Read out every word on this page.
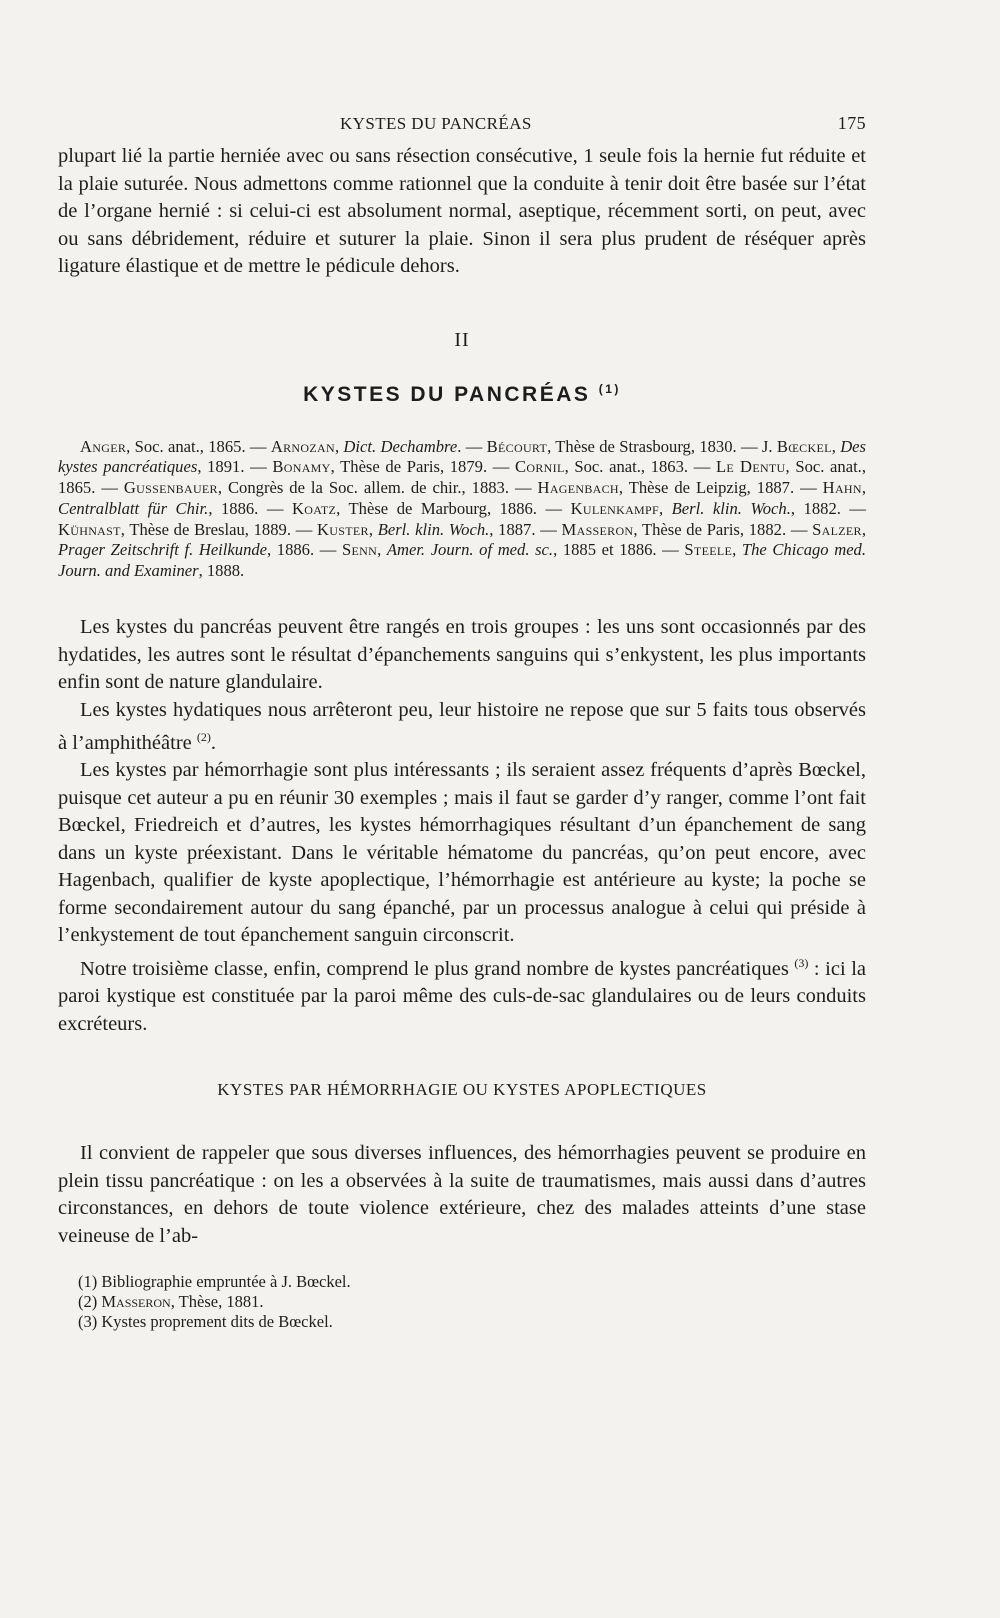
KYSTES DU PANCRÉAS	175

plupart lié la partie herniée avec ou sans résection consécutive, 1 seule fois la hernie fut réduite et la plaie suturée. Nous admettons comme rationnel que la conduite à tenir doit être basée sur l’état de l’organe hernié : si celui-ci est absolument normal, aseptique, récemment sorti, on peut, avec ou sans débridement, réduire et suturer la plaie. Sinon il sera plus prudent de réséquer après ligature élastique et de mettre le pédicule dehors.

II
KYSTES DU PANCRÉAS $^{(1)}$

Anger, Soc. anat., 1865. — Arnozan, Dict. Dechambre. — Bécourt, Thèse de Strasbourg, 1830. — J. Bœckel, Des kystes pancréatiques, 1891. — Bonamy, Thèse de Paris, 1879. — Cornil, Soc. anat., 1863. — Le Dentu, Soc. anat., 1865. — Gussenbauer, Congrès de la Soc. allem. de chir., 1883. — Hagenbach, Thèse de Leipzig, 1887. — Hahn, Centralblatt für Chir., 1886. — Koatz, Thèse de Marbourg, 1886. — Kulenkampf, Berl. klin. Woch., 1882. — Kühnast, Thèse de Breslau, 1889. — Kuster, Berl. klin. Woch., 1887. — Masseron, Thèse de Paris, 1882. — Salzer, Prager Zeitschrift f. Heilkunde, 1886. — Senn, Amer. Journ. of med. sc., 1885 et 1886. — Steele, The Chicago med. Journ. and Examiner, 1888.

Les kystes du pancréas peuvent être rangés en trois groupes : les uns sont occasionnés par des hydatides, les autres sont le résultat d’épanchements sanguins qui s’enkystent, les plus importants enfin sont de nature glandulaire.

Les kystes hydatiques nous arrêteront peu, leur histoire ne repose que sur 5 faits tous observés à l’amphithéâtre $^{(2)}$.

Les kystes par hémorrhagie sont plus intéressants ; ils seraient assez fréquents d’après Bœckel, puisque cet auteur a pu en réunir 30 exemples ; mais il faut se garder d’y ranger, comme l’ont fait Bœckel, Friedreich et d’autres, les kystes hémorrhagiques résultant d’un épanchement de sang dans un kyste préexistant. Dans le véritable hématome du pancréas, qu’on peut encore, avec Hagenbach, qualifier de kyste apoplectique, l’hémorrhagie est antérieure au kyste; la poche se forme secondairement autour du sang épanché, par un processus analogue à celui qui préside à l’enkystement de tout épanchement sanguin circonscrit.

Notre troisième classe, enfin, comprend le plus grand nombre de kystes pancréatiques $^{(3)}$ : ici la paroi kystique est constituée par la paroi même des culs-de-sac glandulaires ou de leurs conduits excréteurs.

KYSTES PAR HÉMORRHAGIE OU KYSTES APOPLECTIQUES

Il convient de rappeler que sous diverses influences, des hémorrhagies peuvent se produire en plein tissu pancréatique : on les a observées à la suite de traumatismes, mais aussi dans d’autres circonstances, en dehors de toute violence extérieure, chez des malades atteints d’une stase veineuse de l’ab-

(1) Bibliographie empruntée à J. Bœckel.
(2) Masseron, Thèse, 1881.
(3) Kystes proprement dits de Bœckel.
